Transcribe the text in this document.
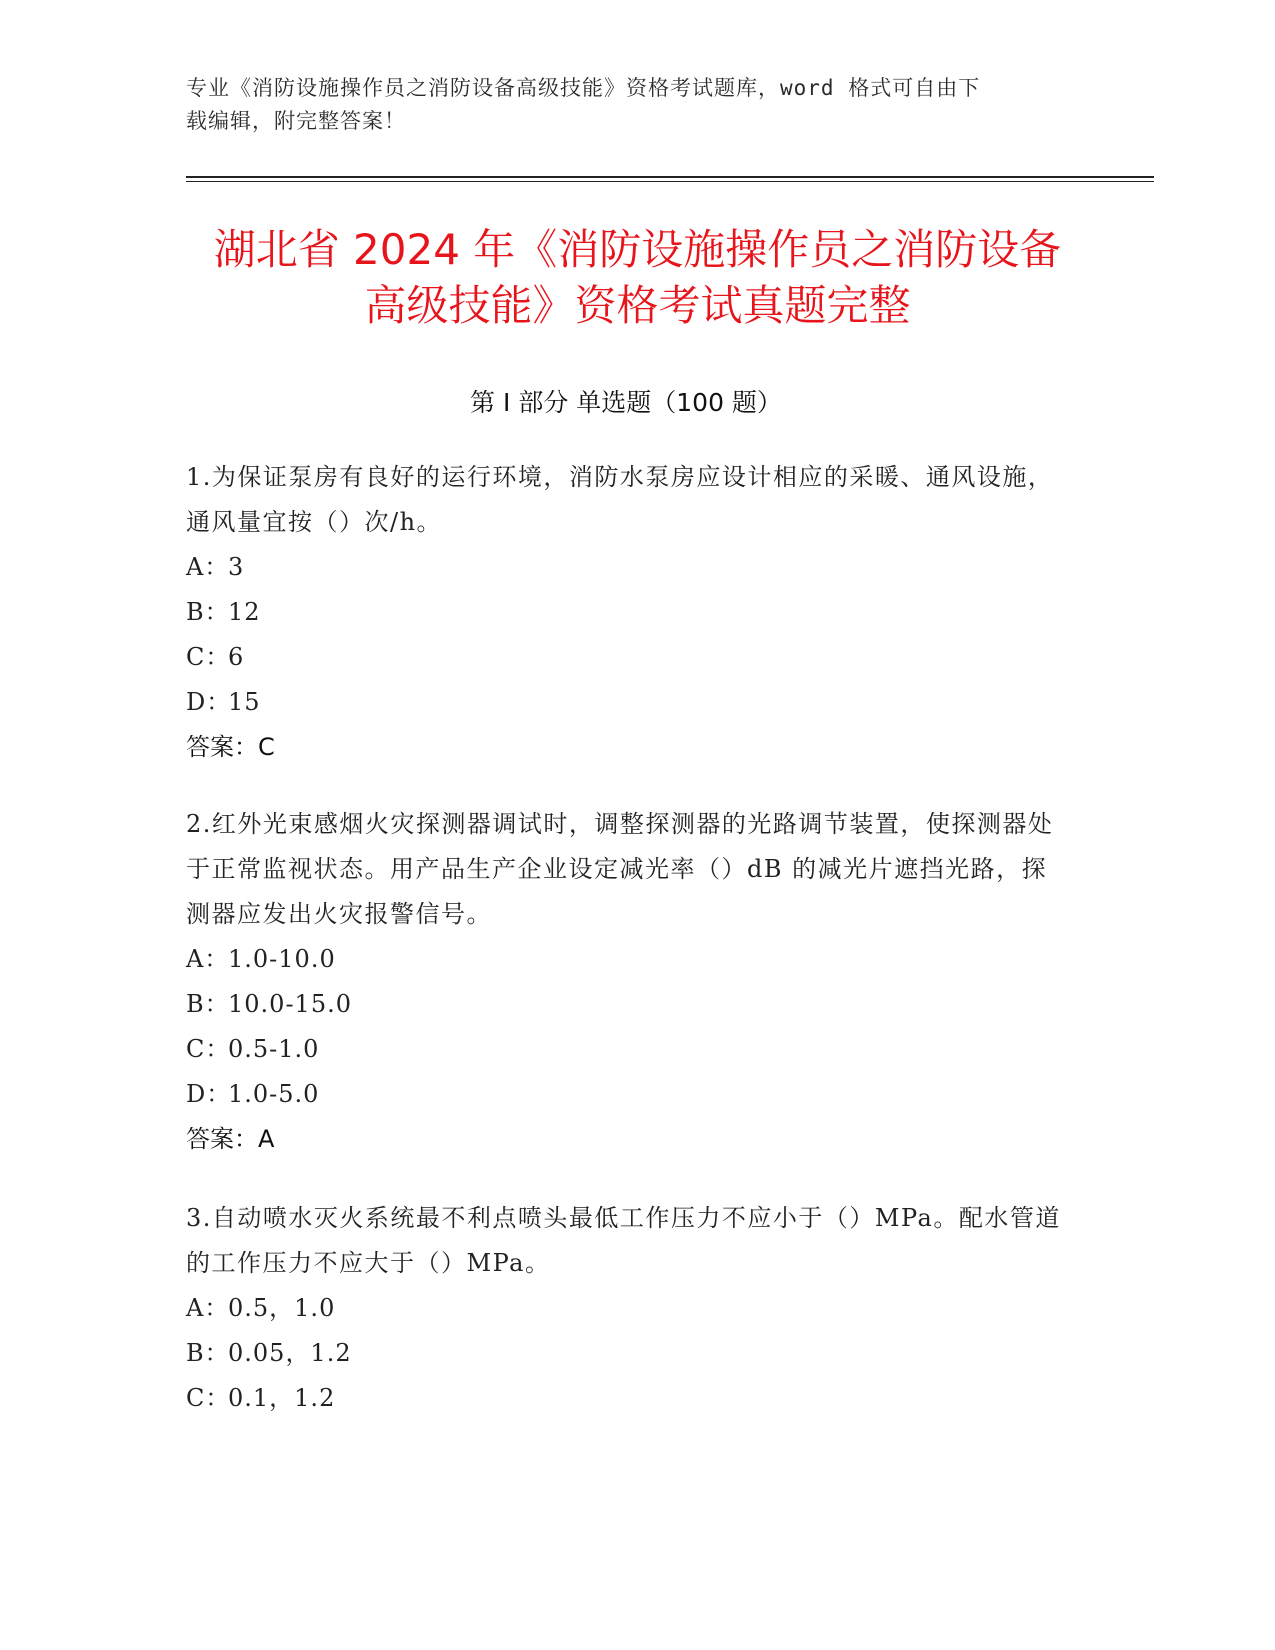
专业《消防设施操作员之消防设备高级技能》资格考试题库，word 格式可自由下
载编辑，附完整答案！
湖北省 2024 年《消防设施操作员之消防设备
高级技能》资格考试真题完整
第 I 部分 单选题（100 题）
1.为保证泵房有良好的运行环境，消防水泵房应设计相应的采暖、通风设施，通风量宜按（）次/h。
A：3
B：12
C：6
D：15
答案：C
2.红外光束感烟火灾探测器调试时，调整探测器的光路调节装置，使探测器处于正常监视状态。用产品生产企业设定减光率（）dB 的减光片遮挡光路，探测器应发出火灾报警信号。
A：1.0-10.0
B：10.0-15.0
C：0.5-1.0
D：1.0-5.0
答案：A
3.自动喷水灭火系统最不利点喷头最低工作压力不应小于（）MPa。配水管道的工作压力不应大于（）MPa。
A：0.5，1.0
B：0.05，1.2
C：0.1，1.2
